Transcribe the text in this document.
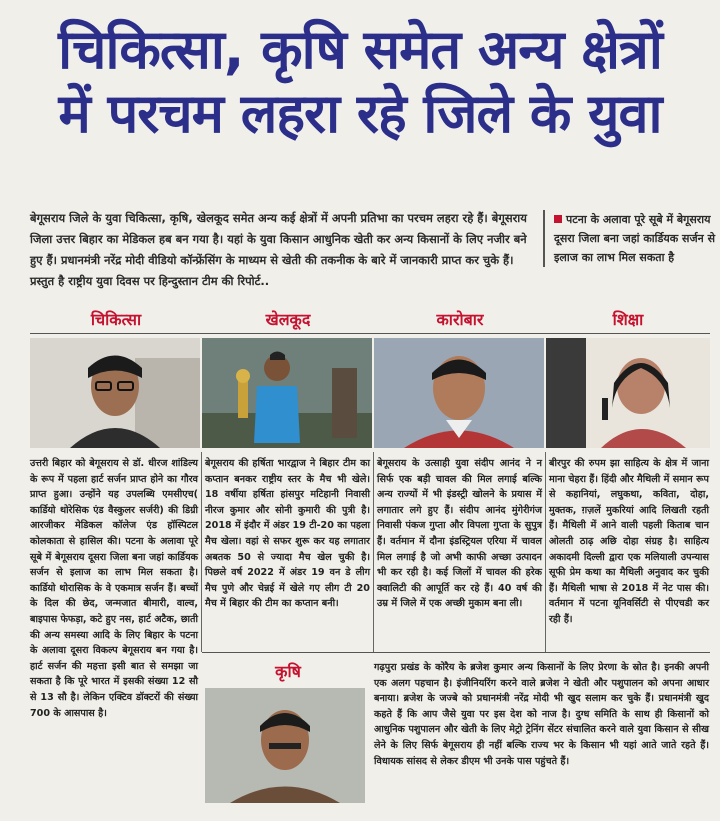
चिकित्सा, कृषि समेत अन्य क्षेत्रों
में परचम लहरा रहे जिले के युवा
बेगूसराय जिले के युवा चिकित्सा, कृषि, खेलकूद समेत अन्य कई क्षेत्रों में अपनी प्रतिभा का परचम लहरा रहे हैं। बेगूसराय जिला उत्तर बिहार का मेडिकल हब बन गया है। यहां के युवा किसान आधुनिक खेती कर अन्य किसानों के लिए नजीर बने हुए हैं। प्रधानमंत्री नरेंद्र मोदी वीडियो कॉन्फ्रेंसिंग के माध्यम से खेती की तकनीक के बारे में जानकारी प्राप्त कर चुके हैं। प्रस्तुत है राष्ट्रीय युवा दिवस पर हिन्दुस्तान टीम की रिपोर्ट..
पटना के अलावा पूरे सूबे में बेगूसराय दूसरा जिला बना जहां कार्डियक सर्जन से इलाज का लाभ मिल सकता है
चिकित्सा	खेलकूद	कारोबार	शिक्षा
उत्तरी बिहार को बेगूसराय से डॉ. धीरज शांडिल्य के रूप में पहला हार्ट सर्जन प्राप्त होने का गौरव प्राप्त हुआ। उन्होंने यह उपलब्धि एमसीएच( कार्डियो थोरेसिक एंड वैस्कुलर सर्जरी) की डिग्री आरजीकर मेडिकल कॉलेज एंड हॉस्पिटल कोलकाता से हासिल की। पटना के अलावा पूरे सूबे में बेगूसराय दूसरा जिला बना जहां कार्डियक सर्जन से इलाज का लाभ मिल सकता है। कार्डियो थोरासिक के वे एकमात्र सर्जन हैं। बच्चों के दिल की छेद, जन्मजात बीमारी, वाल्व, बाइपास फेफड़ा, कटे हुए नस, हार्ट अटैक, छाती की अन्य समस्या आदि के लिए बिहार के पटना के अलावा दूसरा विकल्प बेगूसराय बन गया है। हार्ट सर्जन की महत्ता इसी बात से समझा जा सकता है कि पूरे भारत में इसकी संख्या 12 सौ से 13 सौ है। लेकिन एक्टिव डॉक्टरों की संख्या 700 के आसपास है।
बेगूसराय की हर्षिता भारद्वाज ने बिहार टीम का कप्तान बनकर राष्ट्रीय स्तर के मैच भी खेले। 18 वर्षीया हर्षिता हांसपुर मटिहानी निवासी नीरज कुमार और सोनी कुमारी की पुत्री है। 2018 में इंदौर में अंडर 19 टी-20 का पहला मैच खेला। वहां से सफर शुरू कर यह लगातार अबतक 50 से ज्यादा मैच खेल चुकी है। पिछले वर्ष 2022 में अंडर 19 वन डे लीग मैच पुणे और चेन्नई में खेले गए लीग टी 20 मैच में बिहार की टीम का कप्तान बनी।
बेगूसराय के उत्साही युवा संदीप आनंद ने न सिर्फ एक बड़ी चावल की मिल लगाई बल्कि अन्य राज्यों में भी इंडस्ट्री खोलने के प्रयास में लगातार लगे हुए हैं। संदीप आनंद मुंगेरीगंज निवासी पंकज गुप्ता और विपला गुप्ता के सुपुत्र हैं। वर्तमान में दौना इंडस्ट्रियल एरिया में चावल मिल लगाई है जो अभी काफी अच्छा उत्पादन भी कर रही है। कई जिलों में चावल की हरेक क्वालिटी की आपूर्ति कर रहे हैं। 40 वर्ष की उम्र में जिले में एक अच्छी मुकाम बना ली।
बीरपुर की रुपम झा साहित्य के क्षेत्र में जाना माना चेहरा हैं। हिंदी और मैथिली में समान रूप से कहानियां, लघुकथा, कविता, दोहा, मुक्तक, ग़ज़लें मुकरियां आदि लिखती रहती हैं। मैथिली में आने वाली पहली किताब चान ओलती ठाढ़ अछि दोहा संग्रह है। साहित्य अकादमी दिल्ली द्वारा एक मलियाली उपन्यास सूफी प्रेम कथा का मैथिली अनुवाद कर चुकी हैं। मैथिली भाषा से 2018 में नेट पास की। वर्तमान में पटना यूनिवर्सिटी से पीएचडी कर रही हैं।
कृषि	गढ़पुरा प्रखंड के कोरैय के ब्रजेश कुमार अन्य किसानों के लिए प्रेरणा के स्रोत है। इनकी अपनी एक अलग पहचान है। इंजीनियरिंग करने वाले ब्रजेश ने खेती और पशुपालन को अपना आधार बनाया। ब्रजेश के जज्बे को प्रधानमंत्री नरेंद्र मोदी भी खुद सलाम कर चुके हैं। प्रधानमंत्री खुद कहते हैं कि आप जैसे युवा पर इस देश को नाज है। दुग्ध समिति के साथ ही किसानों को आधुनिक पशुपालन और खेती के लिए मेट्रो ट्रेनिंग सेंटर संचालित करने वाले युवा किसान से सीख लेने के लिए सिर्फ बेगूसराय ही नहीं बल्कि राज्य भर के किसान भी यहां आते जाते रहते हैं। विधायक सांसद से लेकर डीएम भी उनके पास पहुंचते हैं।
